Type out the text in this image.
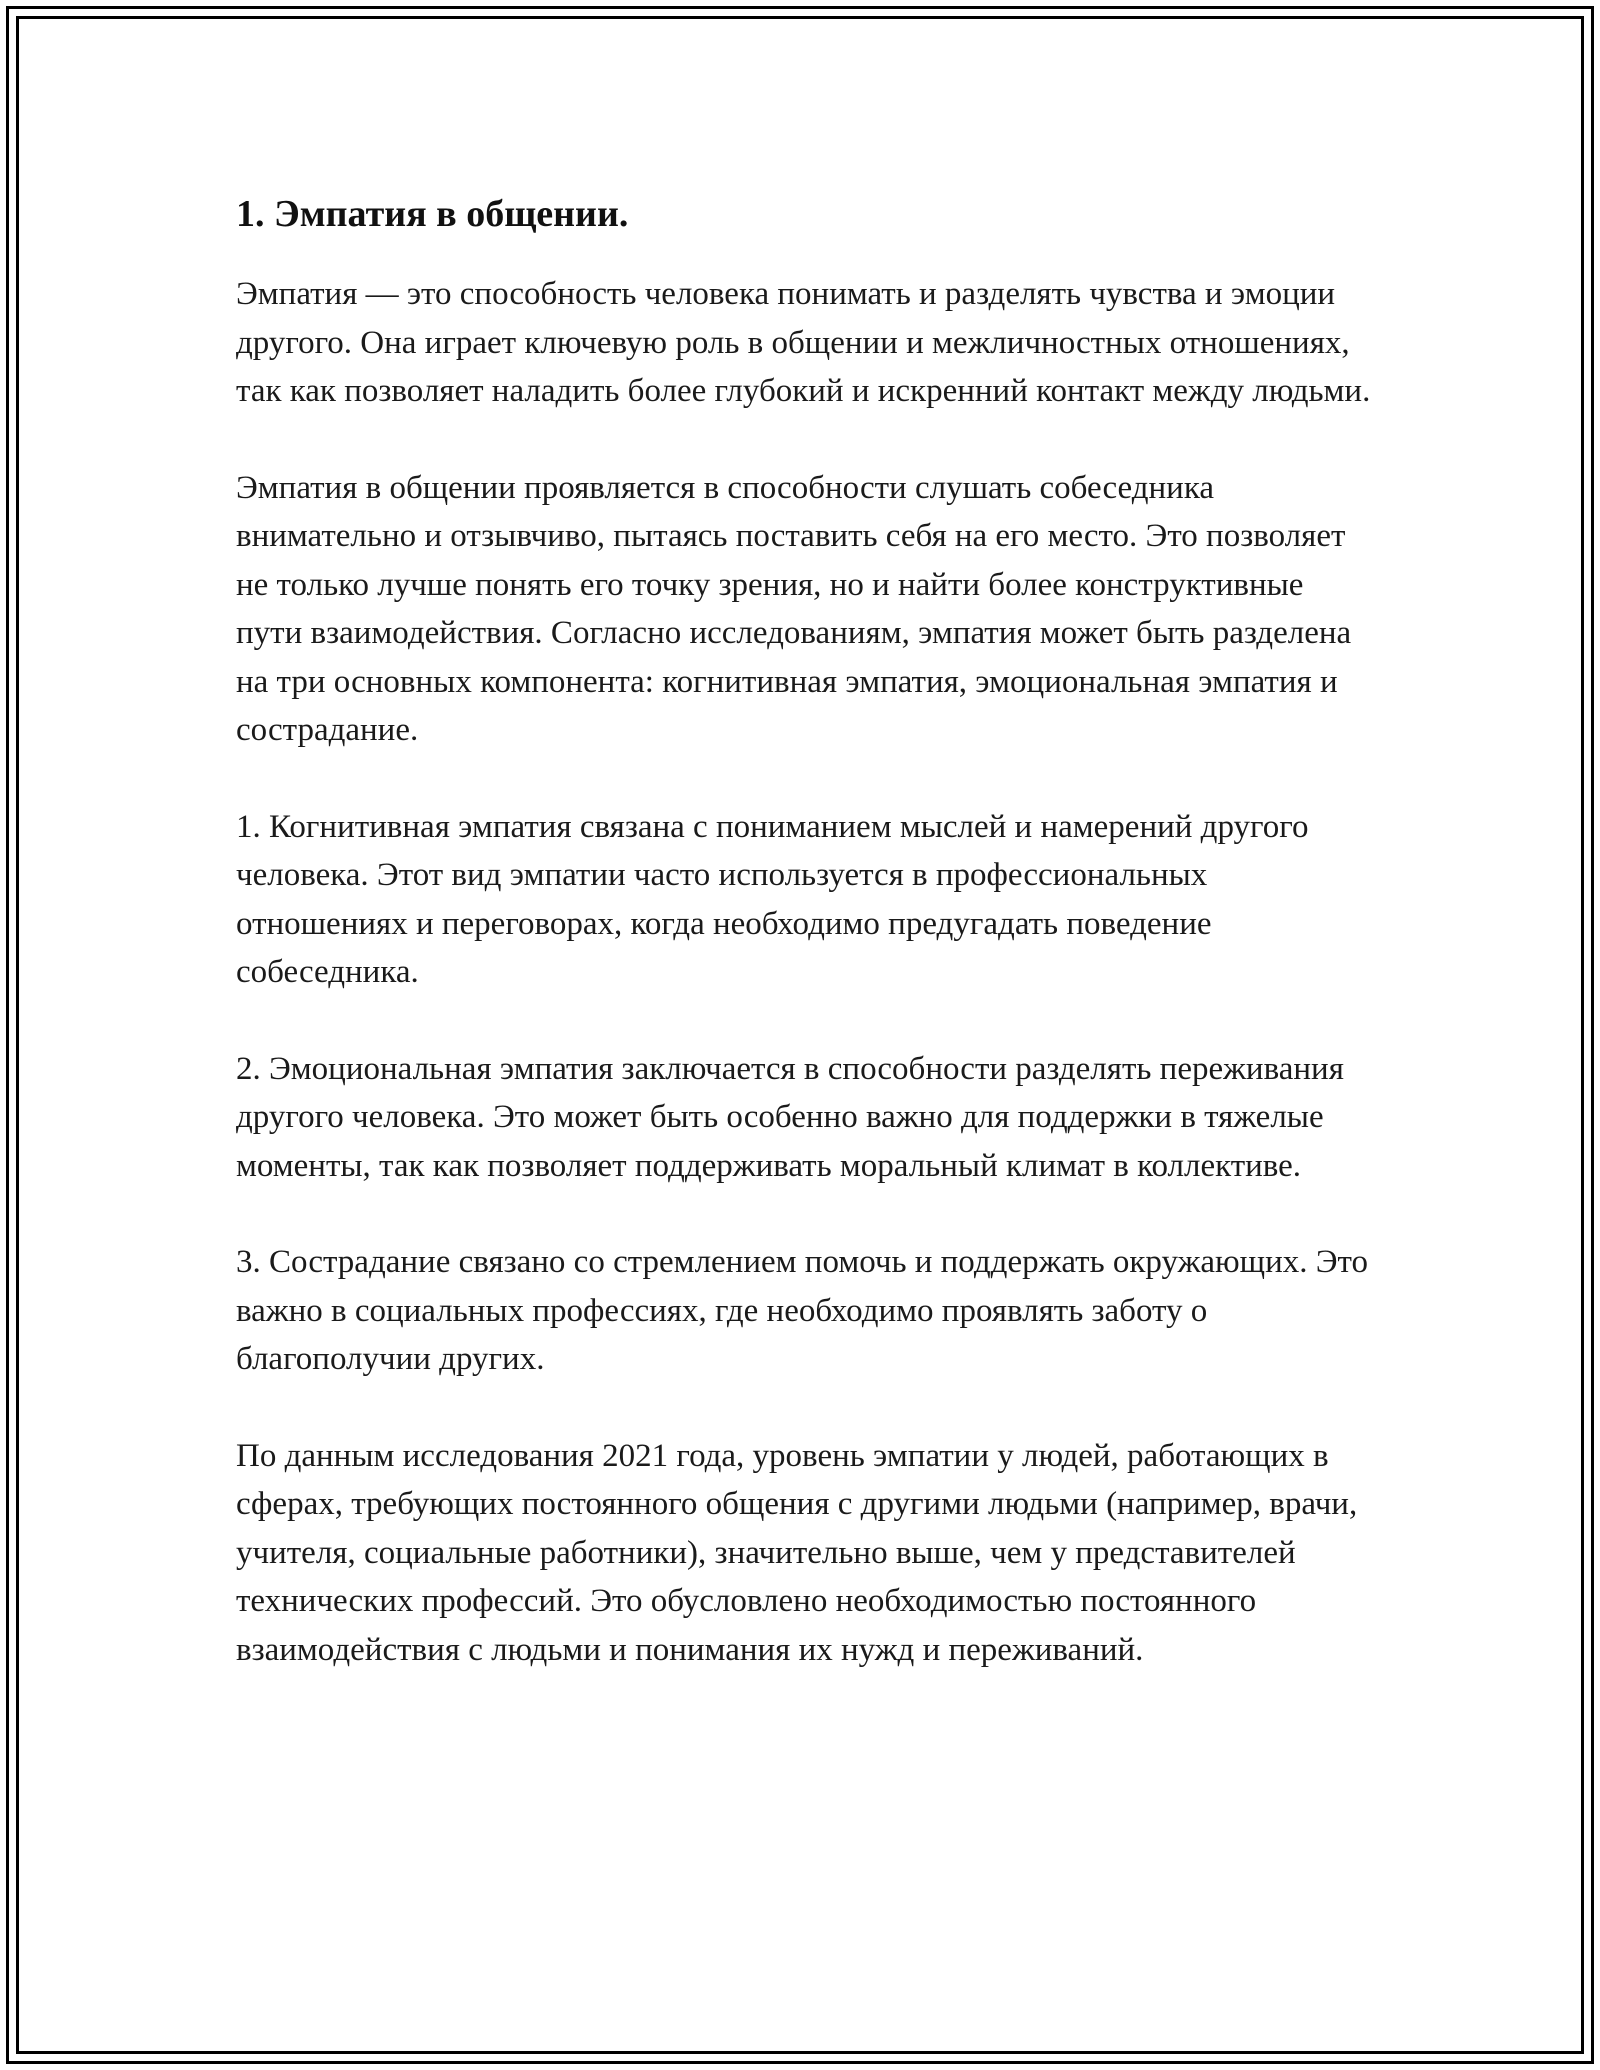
1. Эмпатия в общении.

Эмпатия — это способность человека понимать и разделять чувства и эмоции другого. Она играет ключевую роль в общении и межличностных отношениях, так как позволяет наладить более глубокий и искренний контакт между людьми.

Эмпатия в общении проявляется в способности слушать собеседника внимательно и отзывчиво, пытаясь поставить себя на его место. Это позволяет не только лучше понять его точку зрения, но и найти более конструктивные пути взаимодействия. Согласно исследованиям, эмпатия может быть разделена на три основных компонента: когнитивная эмпатия, эмоциональная эмпатия и сострадание.

1. Когнитивная эмпатия связана с пониманием мыслей и намерений другого человека. Этот вид эмпатии часто используется в профессиональных отношениях и переговорах, когда необходимо предугадать поведение собеседника.

2. Эмоциональная эмпатия заключается в способности разделять переживания другого человека. Это может быть особенно важно для поддержки в тяжелые моменты, так как позволяет поддерживать моральный климат в коллективе.

3. Сострадание связано со стремлением помочь и поддержать окружающих. Это важно в социальных профессиях, где необходимо проявлять заботу о благополучии других.

По данным исследования 2021 года, уровень эмпатии у людей, работающих в сферах, требующих постоянного общения с другими людьми (например, врачи, учителя, социальные работники), значительно выше, чем у представителей технических профессий. Это обусловлено необходимостью постоянного взаимодействия с людьми и понимания их нужд и переживаний.
